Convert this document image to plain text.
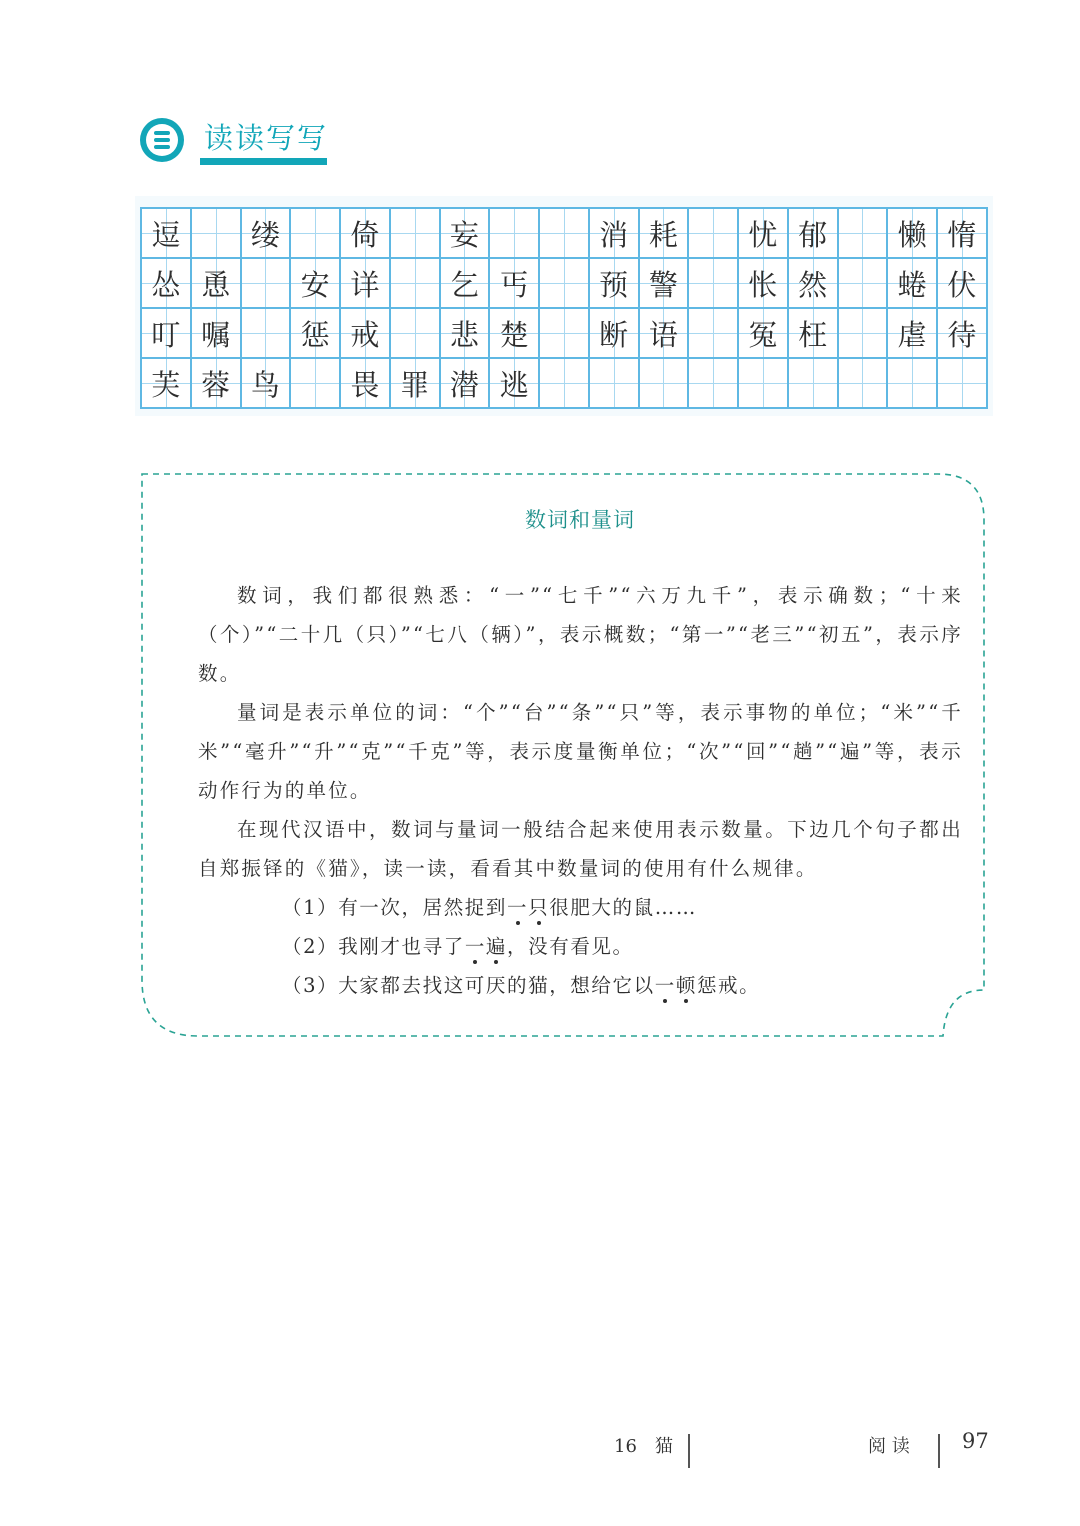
读读写写
逗 缕 倚 妄	消 耗 忧 郁 懒 惰
怂 恿 安 详 乞 丐 预 警 怅 然 蜷 伏
叮 嘱 惩 戒 悲 楚 断 语 冤 枉 虐 待
芙 蓉 鸟 畏 罪 潜 逃
数词和量词

数词，我们都很熟悉：“一”“七千”“六万九千”，表示确数；“十来（个）”“二十几（只）”“七八（辆）”，表示概数；“第一”“老三”“初五”，表示序数。

量词是表示单位的词：“个”“台”“条”“只”等，表示事物的单位；“米”“千米”“毫升”“升”“克”“千克”等，表示度量衡单位；“次”“回”“趟”“遍”等，表示动作行为的单位。

在现代汉语中，数词与量词一般结合起来使用表示数量。下边几个句子都出自郑振铎的《猫》，读一读，看看其中数量词的使用有什么规律。

（1）有一次，居然捉到一只很肥大的鼠……
（2）我刚才也寻了一遍，没有看见。
（3）大家都去找这可厌的猫，想给它以一顿惩戒。
16　猫	阅 读 97
